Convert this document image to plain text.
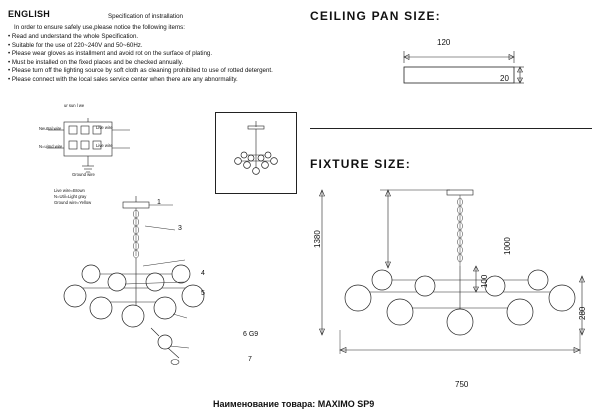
ENGLISH	Specification of instrallation
In order to ensure safely use,please notice the following items:
• Read and understand the whole Specification.
• Suitable for the use of 220~240V and 50~60Hz.
• Please wear gloves as installment and avoid rot on the surface of plating.
• Must be installed on the fixed places and be checked annually.
• Please turn off the lighting source by soft cloth as cleaning prohibited to use of rotted detergent.
• Please connect with the local sales service center when there are any abnormality.
CEILING PAN SIZE:
120
20
FIXTURE SIZE:
ur sun l we
Neutral wire
N=ujmd wire
Live wire
Live wire
Ground wire
Live wire=Brown
N=Util=Light gray
Ground wire=Yellow	1
3
4
5
6 G9
7
1380	1000
100
280
750
Наименование товара: MAXIMO SP9
